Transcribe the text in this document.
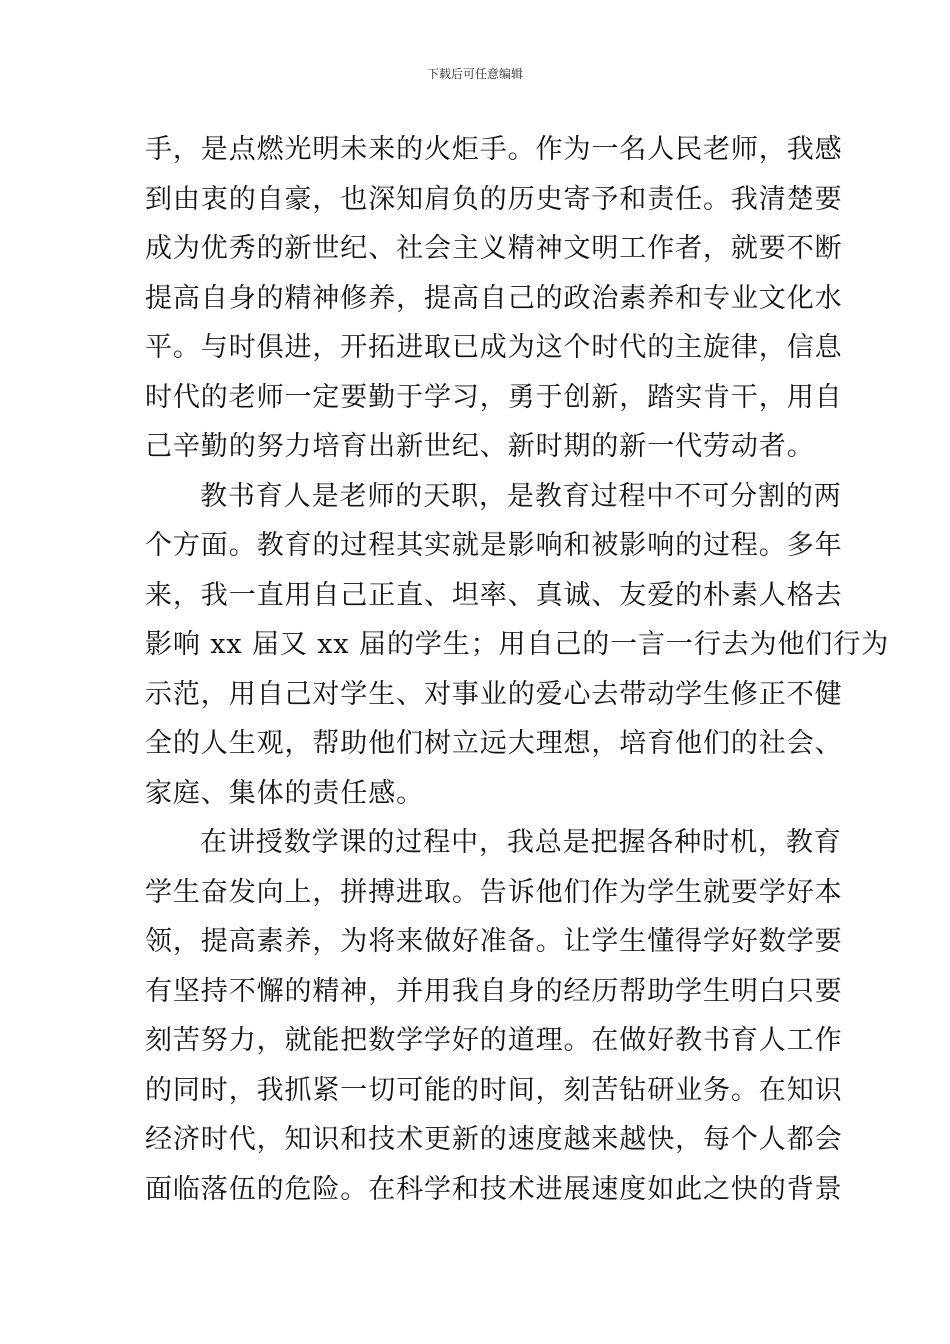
下载后可任意编辑
手，是点燃光明未来的火炬手。作为一名人民老师，我感
到由衷的自豪，也深知肩负的历史寄予和责任。我清楚要
成为优秀的新世纪、社会主义精神文明工作者，就要不断
提高自身的精神修养，提高自己的政治素养和专业文化水
平。与时俱进，开拓进取已成为这个时代的主旋律，信息
时代的老师一定要勤于学习，勇于创新，踏实肯干，用自
己辛勤的努力培育出新世纪、新时期的新一代劳动者。
教书育人是老师的天职，是教育过程中不可分割的两
个方面。教育的过程其实就是影响和被影响的过程。多年
来，我一直用自己正直、坦率、真诚、友爱的朴素人格去
影响 xx 届又 xx 届的学生；用自己的一言一行去为他们行为
示范，用自己对学生、对事业的爱心去带动学生修正不健
全的人生观，帮助他们树立远大理想，培育他们的社会、
家庭、集体的责任感。
在讲授数学课的过程中，我总是把握各种时机，教育
学生奋发向上，拼搏进取。告诉他们作为学生就要学好本
领，提高素养，为将来做好准备。让学生懂得学好数学要
有坚持不懈的精神，并用我自身的经历帮助学生明白只要
刻苦努力，就能把数学学好的道理。在做好教书育人工作
的同时，我抓紧一切可能的时间，刻苦钻研业务。在知识
经济时代，知识和技术更新的速度越来越快，每个人都会
面临落伍的危险。在科学和技术进展速度如此之快的背景
